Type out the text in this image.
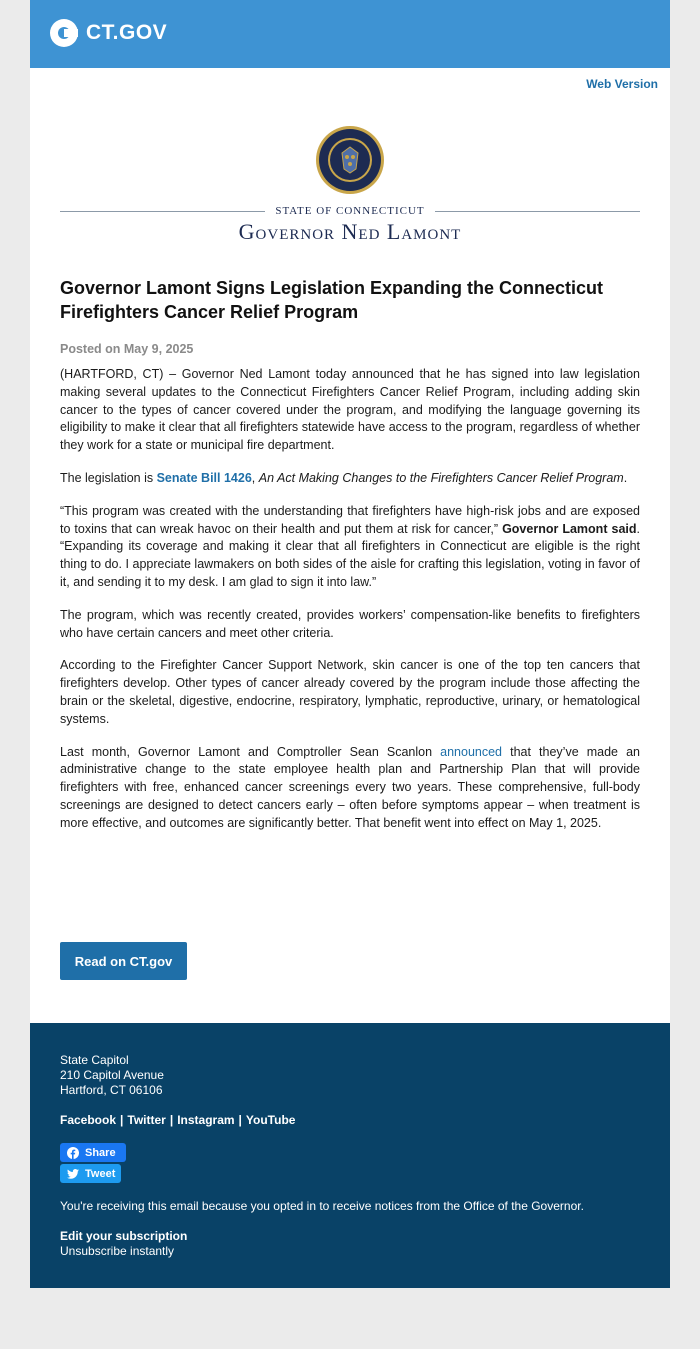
CT.GOV
Web Version
STATE OF CONNECTICUT
Governor Ned Lamont
Governor Lamont Signs Legislation Expanding the Connecticut Firefighters Cancer Relief Program
Posted on May 9, 2025

(HARTFORD, CT) – Governor Ned Lamont today announced that he has signed into law legislation making several updates to the Connecticut Firefighters Cancer Relief Program, including adding skin cancer to the types of cancer covered under the program, and modifying the language governing its eligibility to make it clear that all firefighters statewide have access to the program, regardless of whether they work for a state or municipal fire department.

The legislation is Senate Bill 1426, An Act Making Changes to the Firefighters Cancer Relief Program.

“This program was created with the understanding that firefighters have high-risk jobs and are exposed to toxins that can wreak havoc on their health and put them at risk for cancer,” Governor Lamont said. “Expanding its coverage and making it clear that all firefighters in Connecticut are eligible is the right thing to do. I appreciate lawmakers on both sides of the aisle for crafting this legislation, voting in favor of it, and sending it to my desk. I am glad to sign it into law.”

The program, which was recently created, provides workers’ compensation-like benefits to firefighters who have certain cancers and meet other criteria.

According to the Firefighter Cancer Support Network, skin cancer is one of the top ten cancers that firefighters develop. Other types of cancer already covered by the program include those affecting the brain or the skeletal, digestive, endocrine, respiratory, lymphatic, reproductive, urinary, or hematological systems.

Last month, Governor Lamont and Comptroller Sean Scanlon announced that they’ve made an administrative change to the state employee health plan and Partnership Plan that will provide firefighters with free, enhanced cancer screenings every two years. These comprehensive, full-body screenings are designed to detect cancers early – often before symptoms appear – when treatment is more effective, and outcomes are significantly better. That benefit went into effect on May 1, 2025.

Read on CT.gov
State Capitol
210 Capitol Avenue
Hartford, CT 06106
Facebook | Twitter | Instagram | YouTube
Share
Tweet
You're receiving this email because you opted in to receive notices from the Office of the Governor.
Edit your subscription
Unsubscribe instantly
